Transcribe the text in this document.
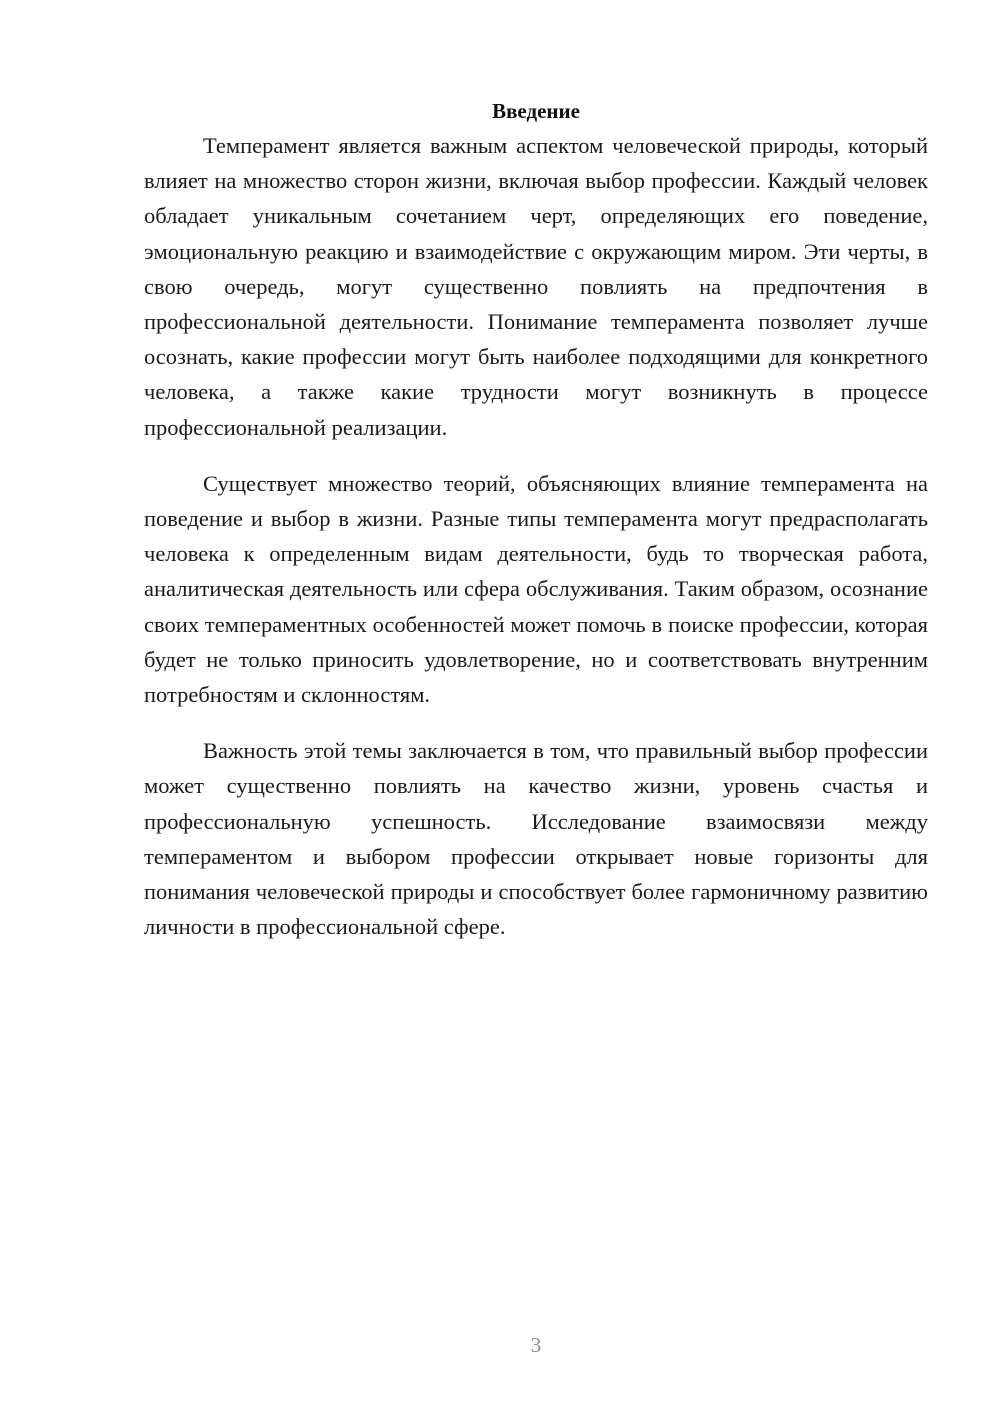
Введение

Темперамент является важным аспектом человеческой природы, который влияет на множество сторон жизни, включая выбор профессии. Каждый человек обладает уникальным сочетанием черт, определяющих его поведение, эмоциональную реакцию и взаимодействие с окружающим миром. Эти черты, в свою очередь, могут существенно повлиять на предпочтения в профессиональной деятельности. Понимание темперамента позволяет лучше осознать, какие профессии могут быть наиболее подходящими для конкретного человека, а также какие трудности могут возникнуть в процессе профессиональной реализации.

Существует множество теорий, объясняющих влияние темперамента на поведение и выбор в жизни. Разные типы темперамента могут предрасполагать человека к определенным видам деятельности, будь то творческая работа, аналитическая деятельность или сфера обслуживания. Таким образом, осознание своих темпераментных особенностей может помочь в поиске профессии, которая будет не только приносить удовлетворение, но и соответствовать внутренним потребностям и склонностям.

Важность этой темы заключается в том, что правильный выбор профессии может существенно повлиять на качество жизни, уровень счастья и профессиональную успешность. Исследование взаимосвязи между темпераментом и выбором профессии открывает новые горизонты для понимания человеческой природы и способствует более гармоничному развитию личности в профессиональной сфере.

3
